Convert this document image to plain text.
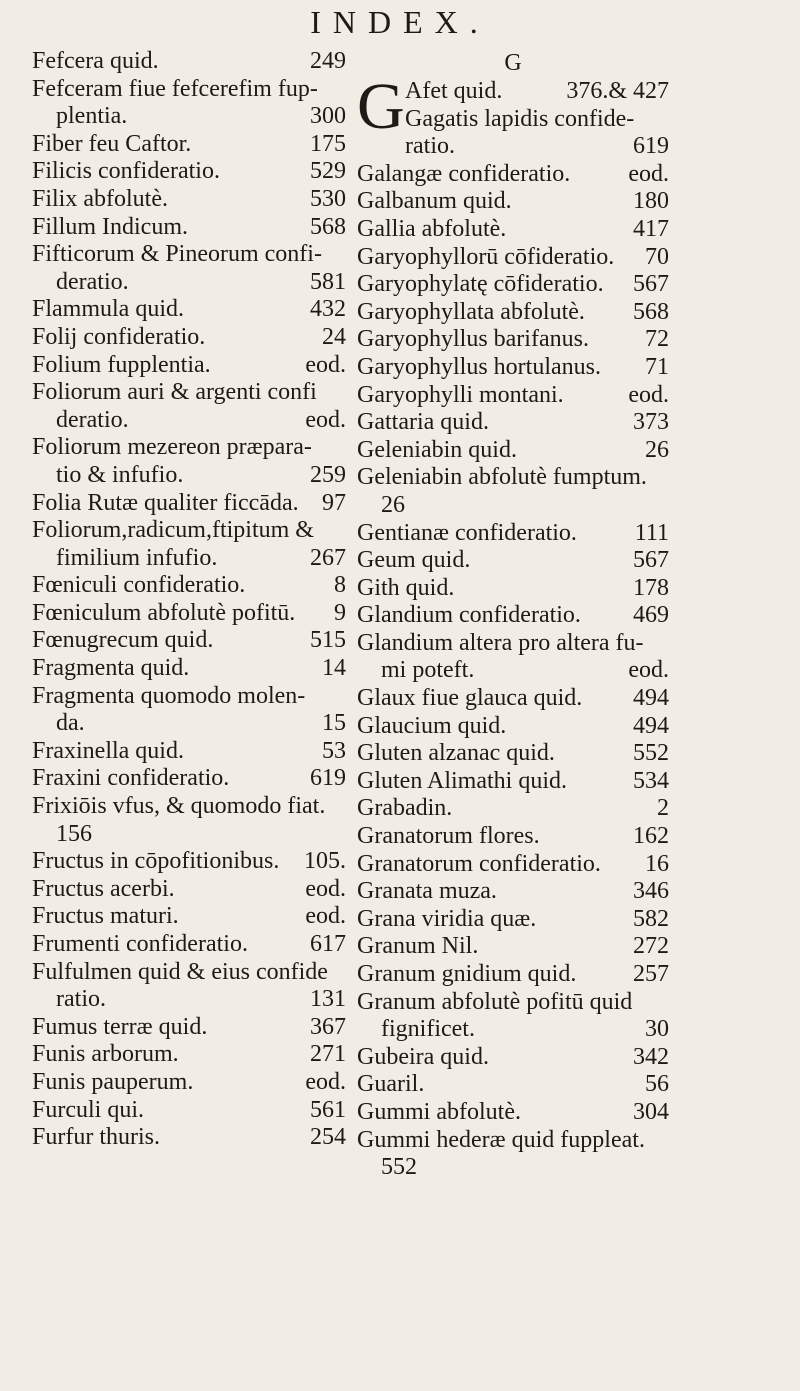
INDEX.
Fefcera quid.	249
Fefceram fiue fefcerefim fup-
plentia.	300
Fiber feu Caftor.	175
Filicis confideratio.	529
Filix abfolutè.	530
Fillum Indicum.	568
Fifticorum & Pineorum confi-
deratio.	581
Flammula quid.	432
Folij confideratio.	24
Folium fupplentia.	eod.
Foliorum auri & argenti confi
deratio.	eod.
Foliorum mezereon præpara-
tio & infufio.	259
Folia Rutæ qualiter ficcāda. 97
Foliorum,radicum,ftipitum &
fimilium infufio.	267
Fœniculi confideratio.	8
Fœniculum abfolutè pofitū.	9
Fœnugrecum quid.	515
Fragmenta quid.	14
Fragmenta quomodo molen-
da.	15
Fraxinella quid.	53
Fraxini confideratio.	619
Frixiōis vfus, & quomodo fiat.
156
Fructus in cōpofitionibus.	105.
Fructus acerbi.	eod.
Fructus maturi.	eod.
Frumenti confideratio.	617
Fulfulmen quid & eius confide
ratio.	131
Fumus terræ quid.	367
Funis arborum.	271
Funis pauperum.	eod.
Furculi qui.	561
Furfur thuris.	254
G
G Afet quid.	376.& 427
Gagatis lapidis confide-
ratio.	619
Galangæ confideratio.	eod.
Galbanum quid.	180
Gallia abfolutè.	417
Garyophyllorū cōfideratio.	70
Garyophylatę cōfideratio.	567
Garyophyllata abfolutè.	568
Garyophyllus barifanus.	72
Garyophyllus hortulanus.	71
Garyophylli montani.	eod.
Gattaria quid.	373
Geleniabin quid.	26
Geleniabin abfolutè fumptum.
26
Gentianæ confideratio.	111
Geum quid.	567
Gith quid.	178
Glandium confideratio.	469
Glandium altera pro altera fu-
mi poteft.	eod.
Glaux fiue glauca quid.	494
Glaucium quid.	494
Gluten alzanac quid.	552
Gluten Alimathi quid.	534
Grabadin.	2
Granatorum flores.	162
Granatorum confideratio.	16
Granata muza.	346
Grana viridia quæ.	582
Granum Nil.	272
Granum gnidium quid.	257
Granum abfolutè pofitū quid
fignificet.	30
Gubeira quid.	342
Guaril.	56
Gummi abfolutè.	304
Gummi hederæ quid fuppleat.
552
